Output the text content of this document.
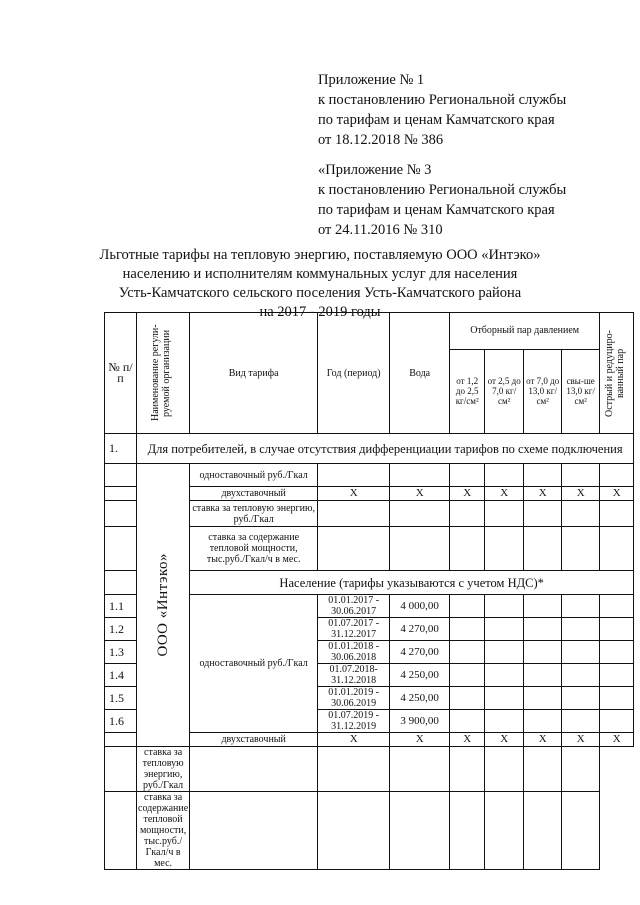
Приложение № 1
к постановлению Региональной службы
по тарифам и ценам Камчатского края
от 18.12.2018 № 386
«Приложение № 3
к постановлению Региональной службы
по тарифам и ценам Камчатского края
от 24.11.2016 № 310
Льготные тарифы на тепловую энергию, поставляемую ООО «Интэко»
населению и исполнителям коммунальных услуг для населения
Усть-Камчатского сельского поселения Усть-Камчатского района
на 2017 - 2019 годы
№ п/п	Наименование регули-руемой организации	Вид тарифа	Год (период)	Вода	Отборный пар давлением				Острый и редуциро-ванный пар

					от 1,2 до 2,5 кг/см²	от 2,5 до 7,0 кг/см²	от 7,0 до 13,0 кг/см²	свы-ше 13,0 кг/см²	
1.	Для потребителей, в случае отсутствия дифференциации тарифов по схеме подключения								

	ООО «Интэко»	одноставочный руб./Гкал							
		двухставочный	Х	Х	Х	Х	Х	Х	Х
		ставка за тепловую энергию, руб./Гкал							
		ставка за содержание тепловой мощности, тыс.руб./Гкал/ч в мес.							
		Население (тарифы указываются с учетом НДС)*							
1.1		одноставочный руб./Гкал	01.01.2017 - 30.06.2017	4 000,00					
1.2			01.07.2017 - 31.12.2017	4 270,00					
1.3			01.01.2018 - 30.06.2018	4 270,00					
1.4			01.07.2018- 31.12.2018	4 250,00					
1.5			01.01.2019 - 30.06.2019	4 250,00					
1.6			01.07.2019 - 31.12.2019	3 900,00					
		двухставочный	Х	Х	Х	Х	Х	Х	Х
	ставка за тепловую энергию, руб./Гкал								
	ставка за содержание тепловой мощности, тыс.руб./Гкал/ч в мес.								
